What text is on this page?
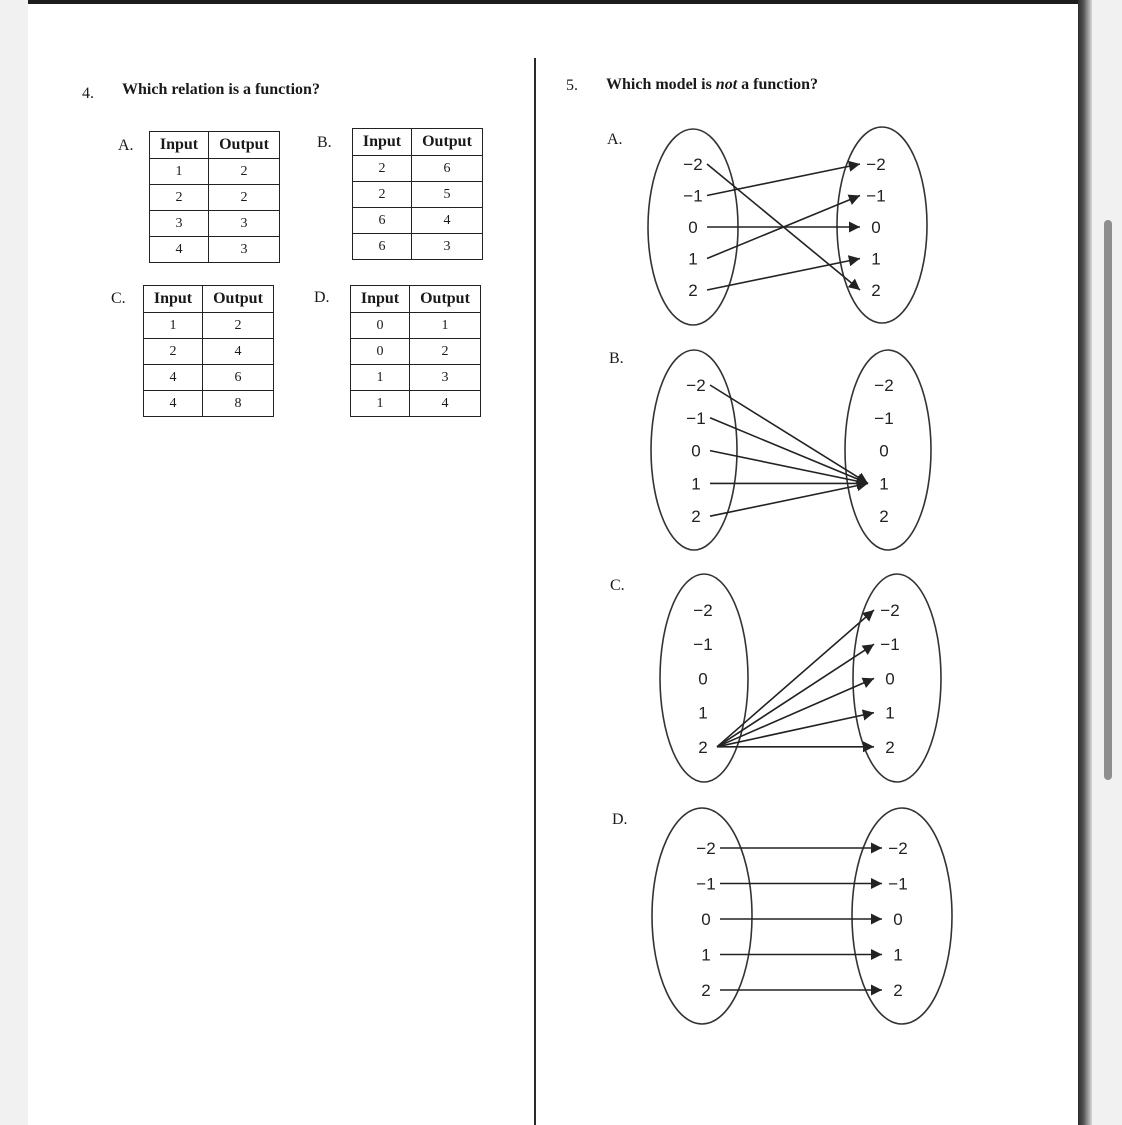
4. Which relation is a function?
A.	B.
C.	D.
Input	Output
1	2
2	2
3	3
4	3
Input	Output
2	6
2	5
6	4
6	3
Input	Output
1	2
2	4
4	6
4	8
Input	Output
0	1
0	2
1	3
1	4
5. Which model is not a function?
A.
B.
C.
D.
−2
−1
0
1
2
−2
−1
0
1
2
−2
−1
0
1
2
−2
−1
0
1
2
−2
−1
0
1
2
−2
−1
0
1
2
−2
−1
0
1
2
−2
−1
0
1
2
